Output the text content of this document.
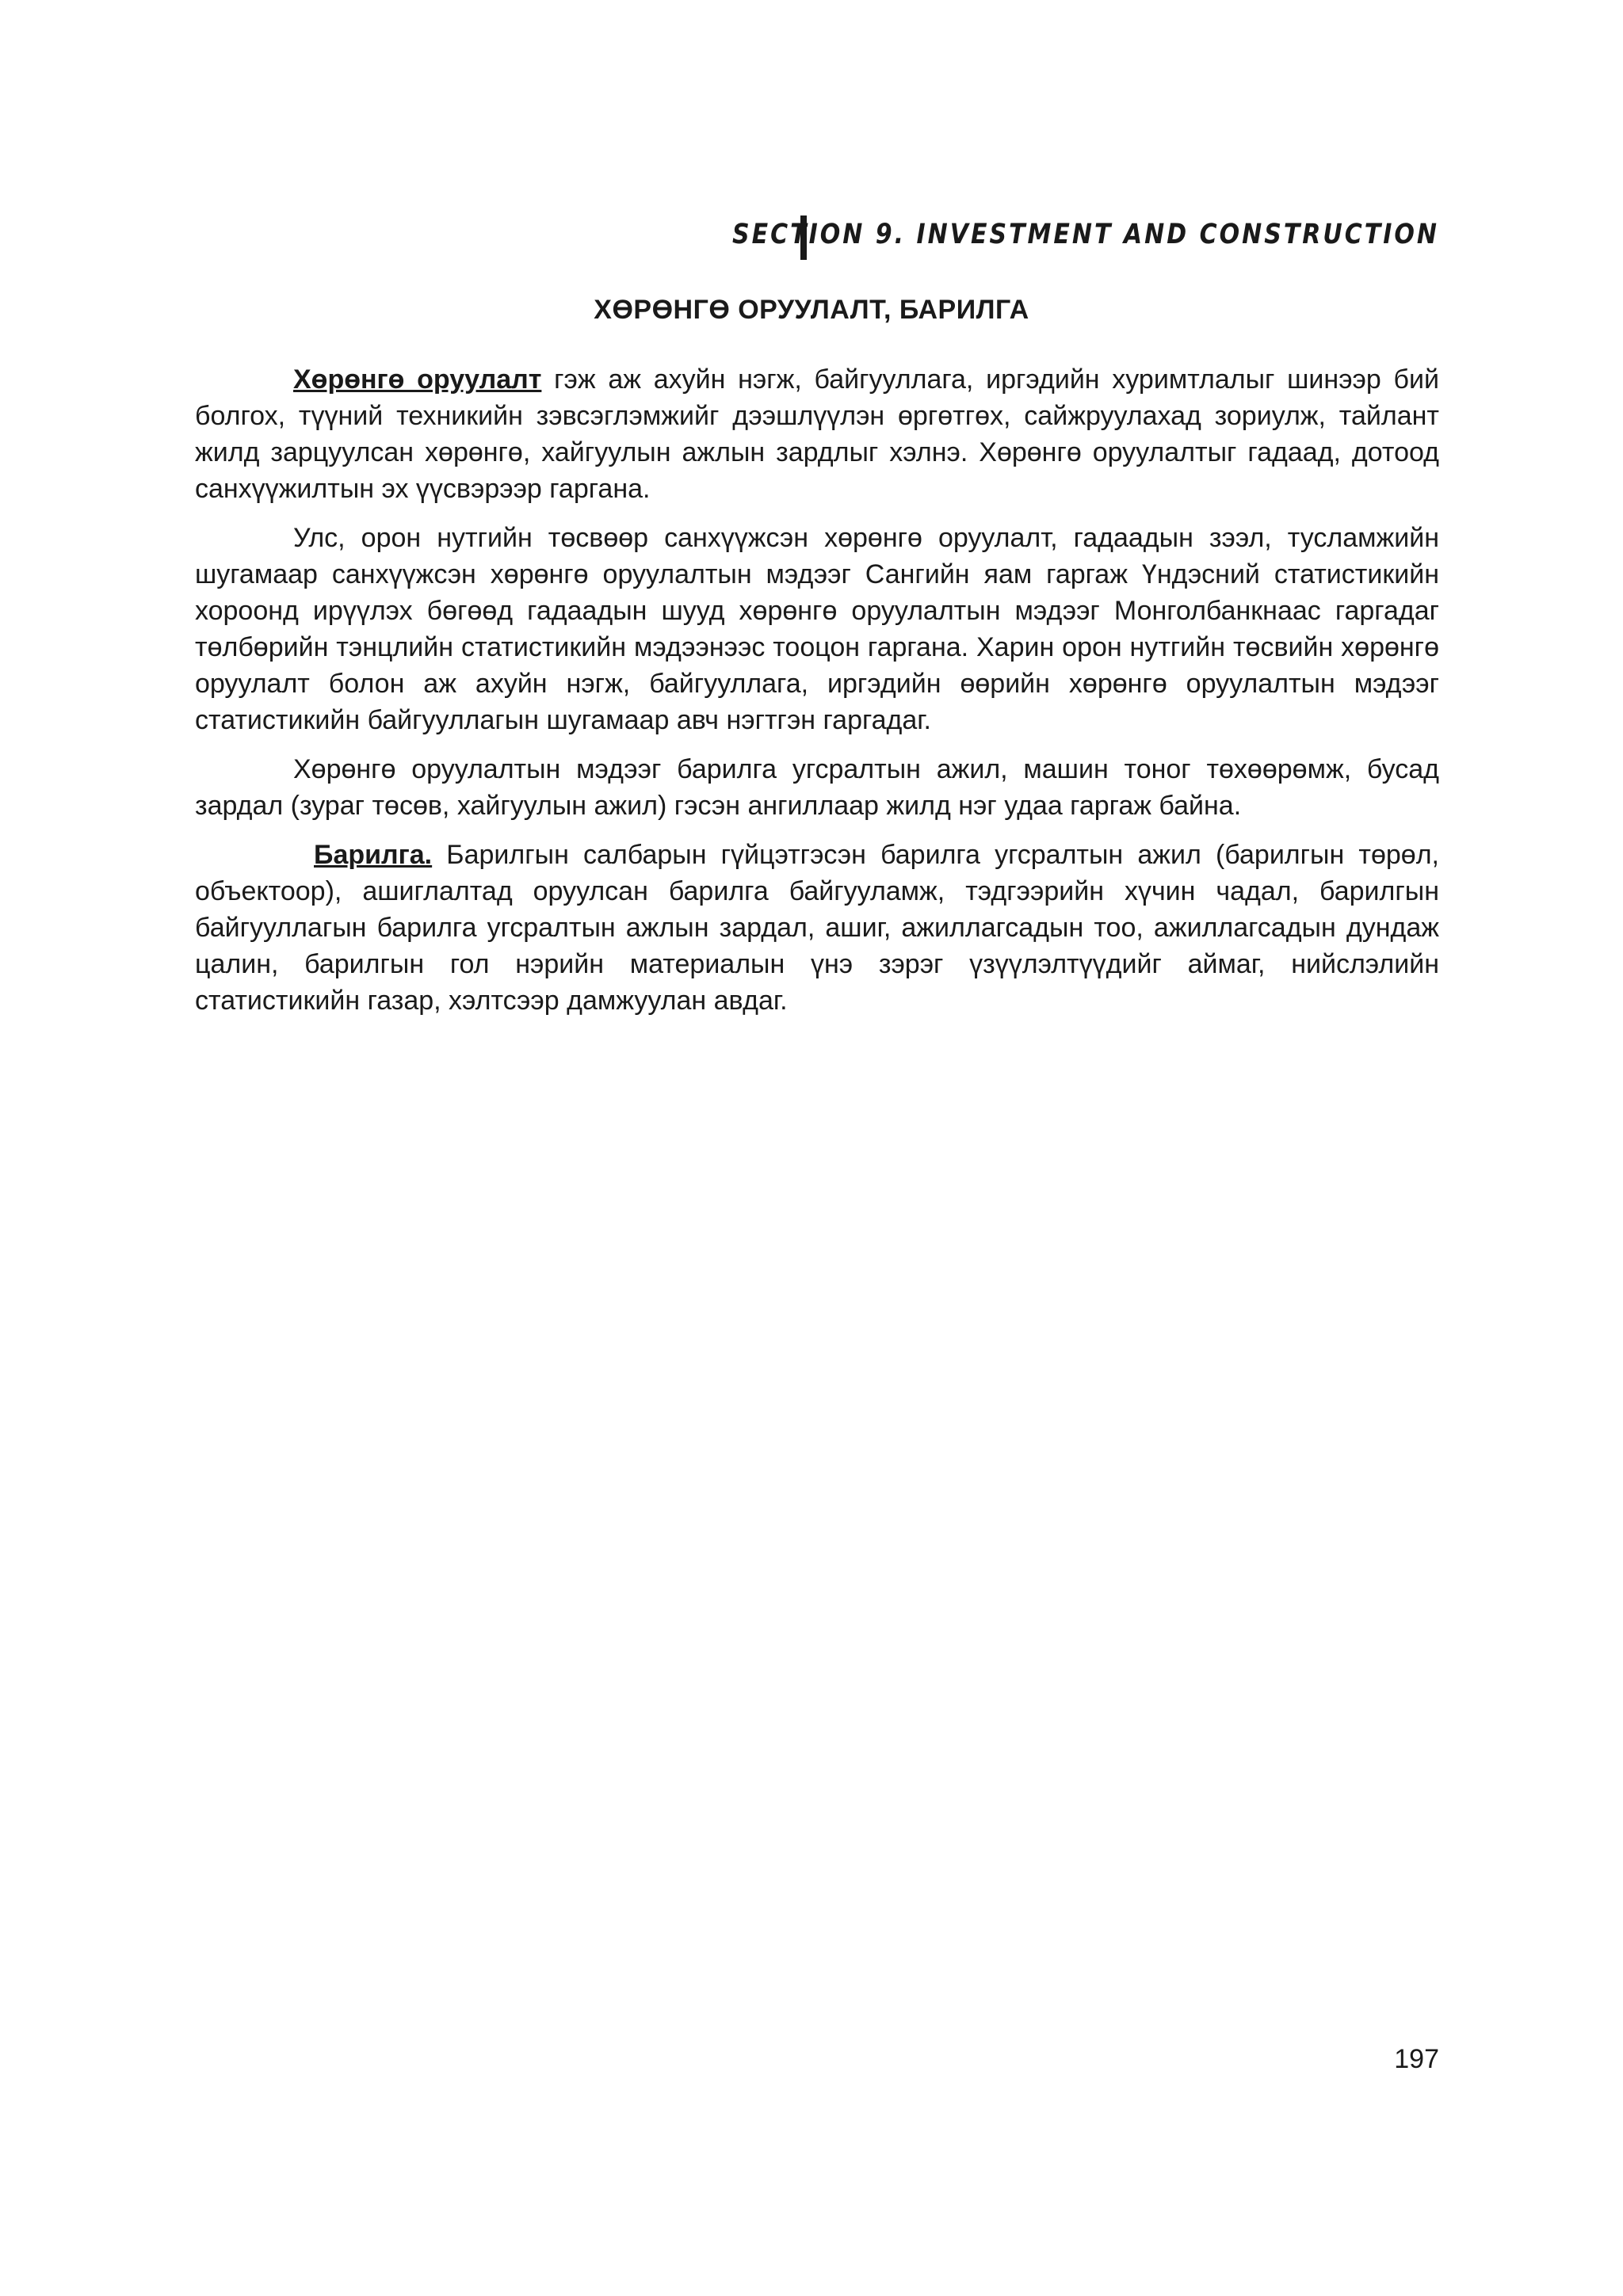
SECTION 9. INVESTMENT AND CONSTRUCTION
ХӨРӨНГӨ ОРУУЛАЛТ, БАРИЛГА

Хөрөнгө оруулалт гэж аж ахуйн нэгж, байгууллага, иргэдийн хуримтлалыг шинээр бий болгох, түүний техникийн зэвсэглэмжийг дээшлүүлэн өргөтгөх, сайжруулахад зориулж, тайлант жилд зарцуулсан хөрөнгө, хайгуулын ажлын зардлыг хэлнэ. Хөрөнгө оруулалтыг гадаад, дотоод санхүүжилтын эх үүсвэрээр гаргана.

Улс, орон нутгийн төсвөөр санхүүжсэн хөрөнгө оруулалт, гадаадын зээл, тусламжийн шугамаар санхүүжсэн хөрөнгө оруулалтын мэдээг Сангийн яам гаргаж Үндэсний статистикийн хороонд ирүүлэх бөгөөд гадаадын шууд хөрөнгө оруулалтын мэдээг Монголбанкнаас гаргадаг төлбөрийн тэнцлийн статистикийн мэдээнээс тооцон гаргана. Харин орон нутгийн төсвийн хөрөнгө оруулалт болон аж ахуйн нэгж, байгууллага, иргэдийн өөрийн хөрөнгө оруулалтын мэдээг статистикийн байгууллагын шугамаар авч нэгтгэн гаргадаг.

Хөрөнгө оруулалтын мэдээг барилга угсралтын ажил, машин тоног төхөөрөмж, бусад зардал (зураг төсөв, хайгуулын ажил) гэсэн ангиллаар жилд нэг удаа гаргаж байна.

Барилга. Барилгын салбарын гүйцэтгэсэн барилга угсралтын ажил (барилгын төрөл, объектоор), ашиглалтад оруулсан барилга байгууламж, тэдгээрийн хүчин чадал, барилгын байгууллагын барилга угсралтын ажлын зардал, ашиг, ажиллагсадын тоо, ажиллагсадын дундаж цалин, барилгын гол нэрийн материалын үнэ зэрэг үзүүлэлтүүдийг аймаг, нийслэлийн статистикийн газар, хэлтсээр дамжуулан авдаг.

197
